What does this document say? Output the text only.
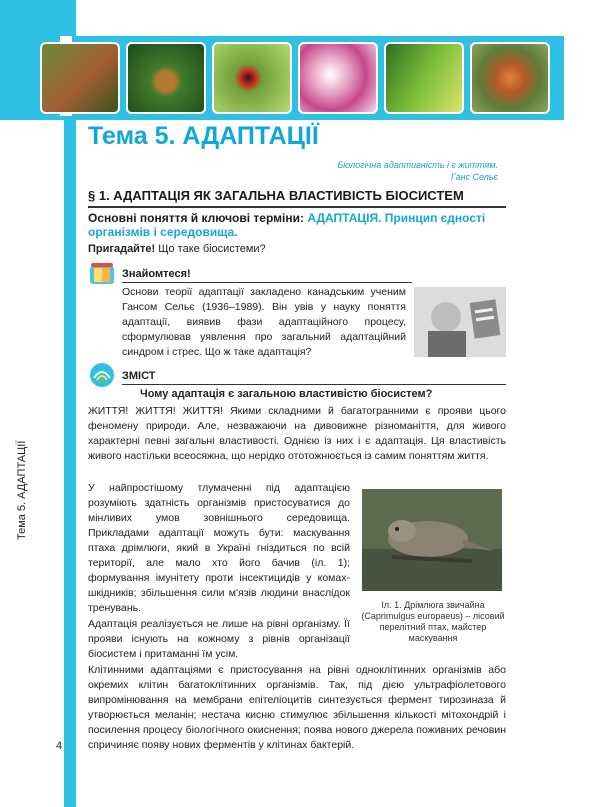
Тема 5. АДАПТАЦІЇ
4
Тема 5. АДАПТАЦІЇ
Біологічна адаптивність і є життям.
Ганс Сельє
§ 1. АДАПТАЦІЯ ЯК ЗАГАЛЬНА ВЛАСТИВІСТЬ БІОСИСТЕМ
Основні поняття й ключові терміни: АДАПТАЦІЯ. Принцип єдності організмів і середовища.
Пригадайте! Що таке біосистеми?
Знайомтеся!
Основи теорії адаптації закладено канадським ученим Гансом Сельє (1936–1989). Він увів у науку поняття адаптації, виявив фази адаптаційного процесу, сформулював уявлення про загальний адаптаційний синдром і стрес. Що ж таке адаптація?
ЗМІСТ
Чому адаптація є загальною властивістю біосистем?
ЖИТТЯ! ЖИТТЯ! ЖИТТЯ! Якими складними й багатогранними є прояви цього феномену природи. Але, незважаючи на дивовижне різноманіття, для живого характерні певні загальні властивості. Однією із них і є адаптація. Ця властивість живого настільки всеосяжна, що нерідко ототожнюється із самим поняттям життя.
У найпростішому тлумаченні під адаптацією розуміють здатність організмів пристосуватися до мінливих умов зовнішнього середовища. Прикладами адаптації можуть бути: маскування птаха дрімлюги, який в Україні гніздиться по всій території, але мало хто його бачив (іл. 1); формування імунітету проти інсектицидів у комах-шкідників; збільшення сили м'язів людини внаслідок тренувань.
Адаптація реалізується не лише на рівні організму. Її прояви існують на кожному з рівнів організації біосистем і притаманні їм усім.
Клітинними адаптаціями є пристосування на рівні одноклітинних організмів або окремих клітин багатоклітинних організмів. Так, під дією ультрафіолетового випромінювання на мембрани епітеліоцитів синтезується фермент тирозиназа й утворюється меланін; нестача кисню стимулює збільшення кількості мітохондрій і посилення процесу біологічного окиснення; поява нового джерела поживних речовин спричиняє появу нових ферментів у клітинах бактерій.
Іл. 1. Дрімлюга звичайна (Caprimulgus europaeus) – лісовий перелітний птах, майстер маскування
